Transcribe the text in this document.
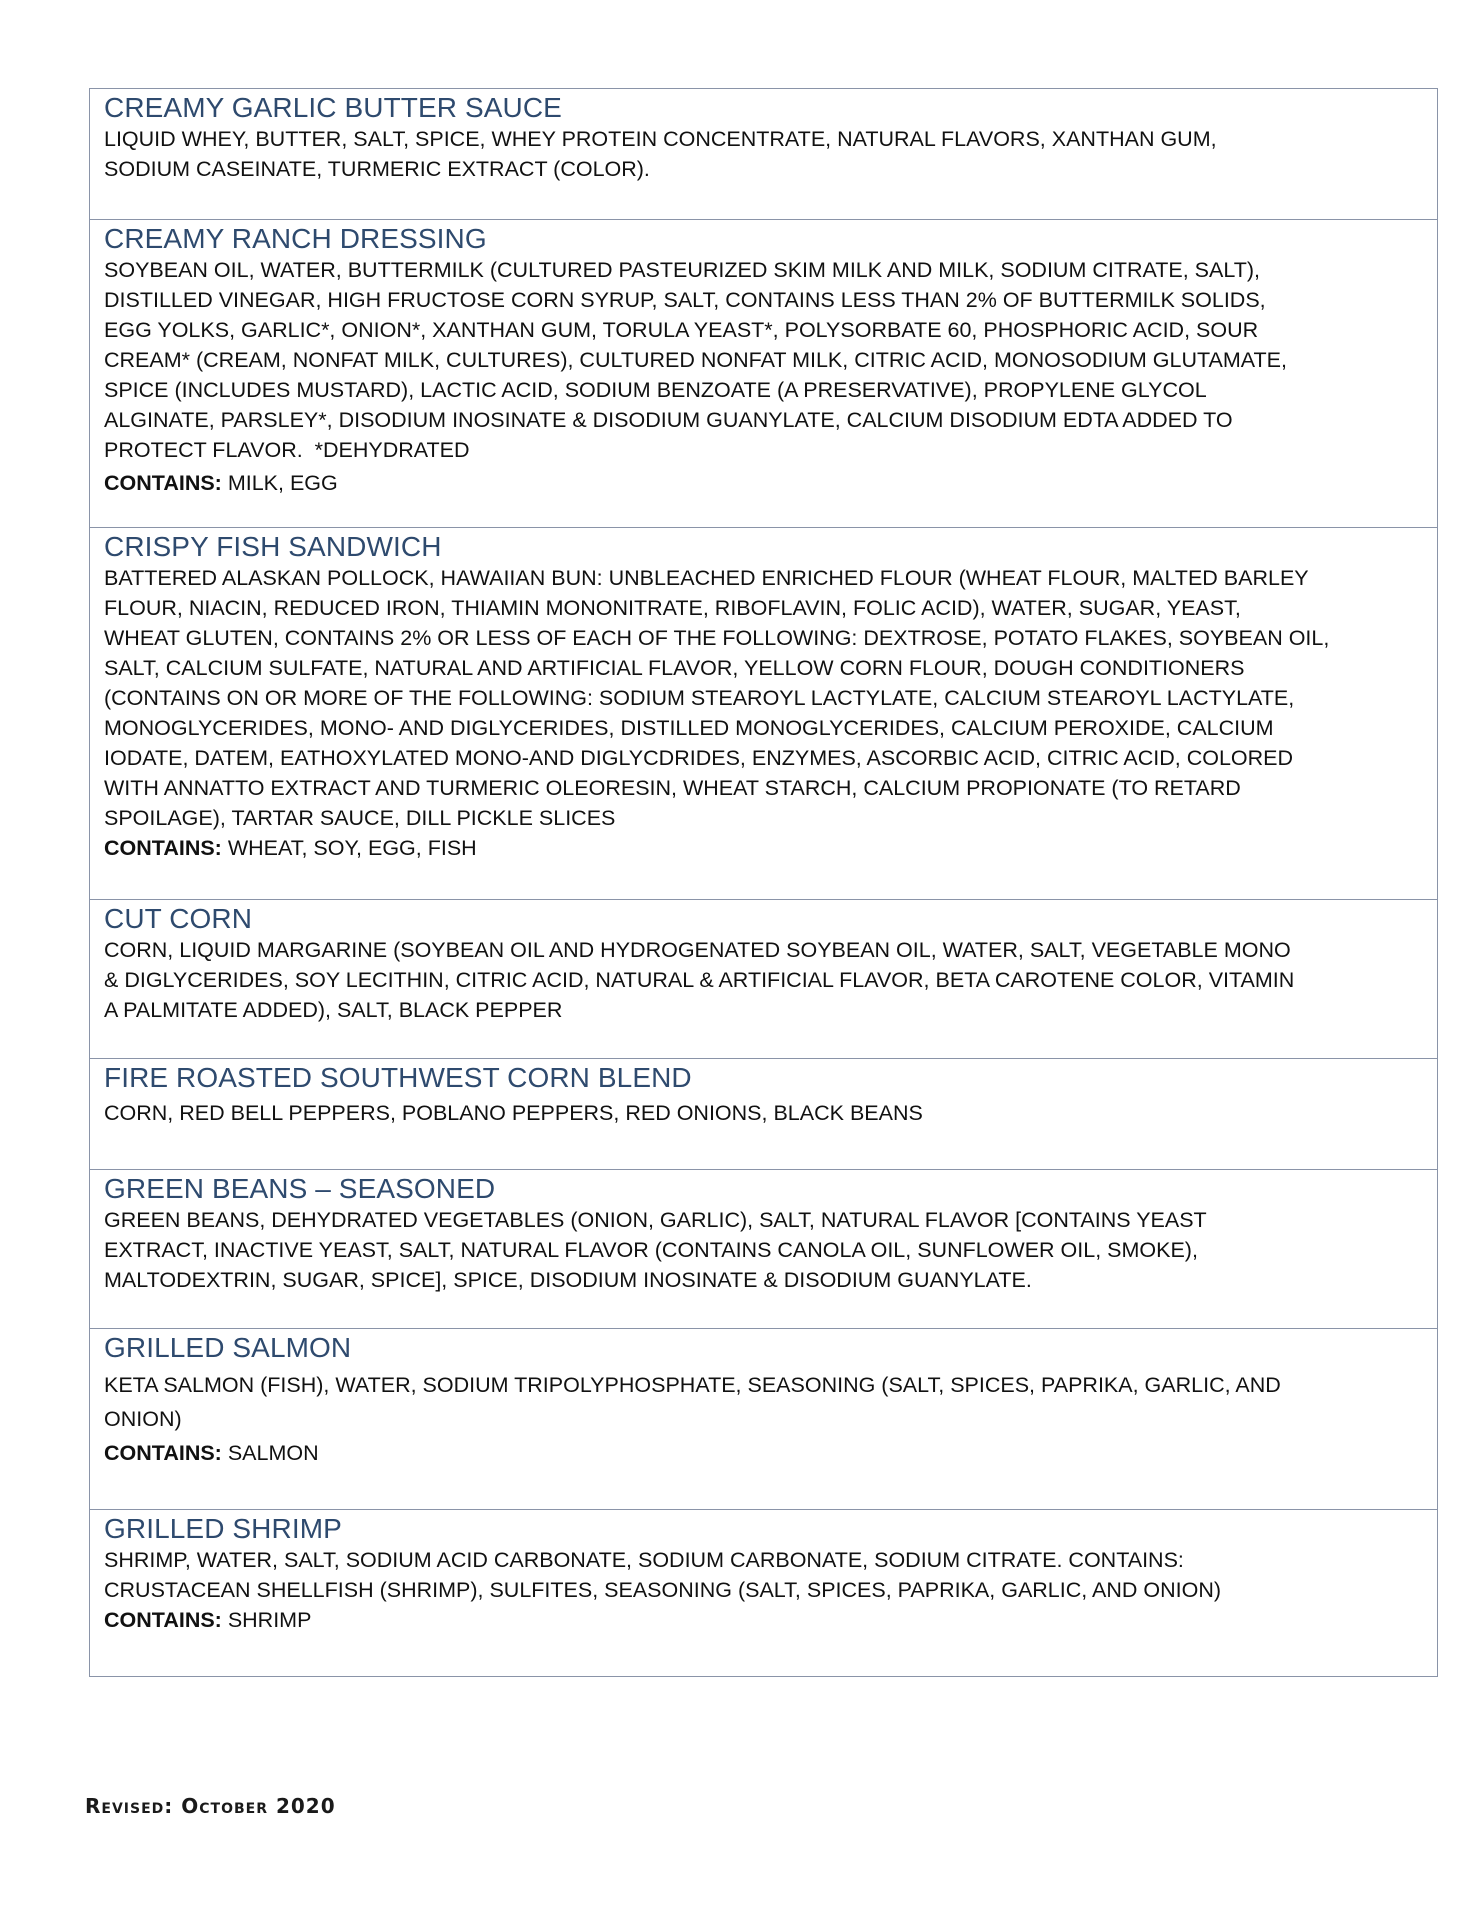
CREAMY GARLIC BUTTER SAUCE

LIQUID WHEY, BUTTER, SALT, SPICE, WHEY PROTEIN CONCENTRATE, NATURAL FLAVORS, XANTHAN GUM,
SODIUM CASEINATE, TURMERIC EXTRACT (COLOR).

CREAMY RANCH DRESSING

SOYBEAN OIL, WATER, BUTTERMILK (CULTURED PASTEURIZED SKIM MILK AND MILK, SODIUM CITRATE, SALT),
DISTILLED VINEGAR, HIGH FRUCTOSE CORN SYRUP, SALT, CONTAINS LESS THAN 2% OF BUTTERMILK SOLIDS,
EGG YOLKS, GARLIC*, ONION*, XANTHAN GUM, TORULA YEAST*, POLYSORBATE 60, PHOSPHORIC ACID, SOUR
CREAM* (CREAM, NONFAT MILK, CULTURES), CULTURED NONFAT MILK, CITRIC ACID, MONOSODIUM GLUTAMATE,
SPICE (INCLUDES MUSTARD), LACTIC ACID, SODIUM BENZOATE (A PRESERVATIVE), PROPYLENE GLYCOL
ALGINATE, PARSLEY*, DISODIUM INOSINATE & DISODIUM GUANYLATE, CALCIUM DISODIUM EDTA ADDED TO
PROTECT FLAVOR.  *DEHYDRATED

CONTAINS: MILK, EGG

CRISPY FISH SANDWICH

BATTERED ALASKAN POLLOCK, HAWAIIAN BUN: UNBLEACHED ENRICHED FLOUR (WHEAT FLOUR, MALTED BARLEY
FLOUR, NIACIN, REDUCED IRON, THIAMIN MONONITRATE, RIBOFLAVIN, FOLIC ACID), WATER, SUGAR, YEAST,
WHEAT GLUTEN, CONTAINS 2% OR LESS OF EACH OF THE FOLLOWING: DEXTROSE, POTATO FLAKES, SOYBEAN OIL,
SALT, CALCIUM SULFATE, NATURAL AND ARTIFICIAL FLAVOR, YELLOW CORN FLOUR, DOUGH CONDITIONERS
(CONTAINS ON OR MORE OF THE FOLLOWING: SODIUM STEAROYL LACTYLATE, CALCIUM STEAROYL LACTYLATE,
MONOGLYCERIDES, MONO- AND DIGLYCERIDES, DISTILLED MONOGLYCERIDES, CALCIUM PEROXIDE, CALCIUM
IODATE, DATEM, EATHOXYLATED MONO-AND DIGLYCDRIDES, ENZYMES, ASCORBIC ACID, CITRIC ACID, COLORED
WITH ANNATTO EXTRACT AND TURMERIC OLEORESIN, WHEAT STARCH, CALCIUM PROPIONATE (TO RETARD
SPOILAGE), TARTAR SAUCE, DILL PICKLE SLICES

CONTAINS: WHEAT, SOY, EGG, FISH

CUT CORN

CORN, LIQUID MARGARINE (SOYBEAN OIL AND HYDROGENATED SOYBEAN OIL, WATER, SALT, VEGETABLE MONO
& DIGLYCERIDES, SOY LECITHIN, CITRIC ACID, NATURAL & ARTIFICIAL FLAVOR, BETA CAROTENE COLOR, VITAMIN
A PALMITATE ADDED), SALT, BLACK PEPPER

FIRE ROASTED SOUTHWEST CORN BLEND

CORN, RED BELL PEPPERS, POBLANO PEPPERS, RED ONIONS, BLACK BEANS

GREEN BEANS – SEASONED

GREEN BEANS, DEHYDRATED VEGETABLES (ONION, GARLIC), SALT, NATURAL FLAVOR [CONTAINS YEAST
EXTRACT, INACTIVE YEAST, SALT, NATURAL FLAVOR (CONTAINS CANOLA OIL, SUNFLOWER OIL, SMOKE),
MALTODEXTRIN, SUGAR, SPICE], SPICE, DISODIUM INOSINATE & DISODIUM GUANYLATE.

GRILLED SALMON

KETA SALMON (FISH), WATER, SODIUM TRIPOLYPHOSPHATE, SEASONING (SALT, SPICES, PAPRIKA, GARLIC, AND
ONION)

CONTAINS: SALMON

GRILLED SHRIMP

SHRIMP, WATER, SALT, SODIUM ACID CARBONATE, SODIUM CARBONATE, SODIUM CITRATE. CONTAINS:
CRUSTACEAN SHELLFISH (SHRIMP), SULFITES, SEASONING (SALT, SPICES, PAPRIKA, GARLIC, AND ONION)

CONTAINS: SHRIMP

Revised: October 2020
